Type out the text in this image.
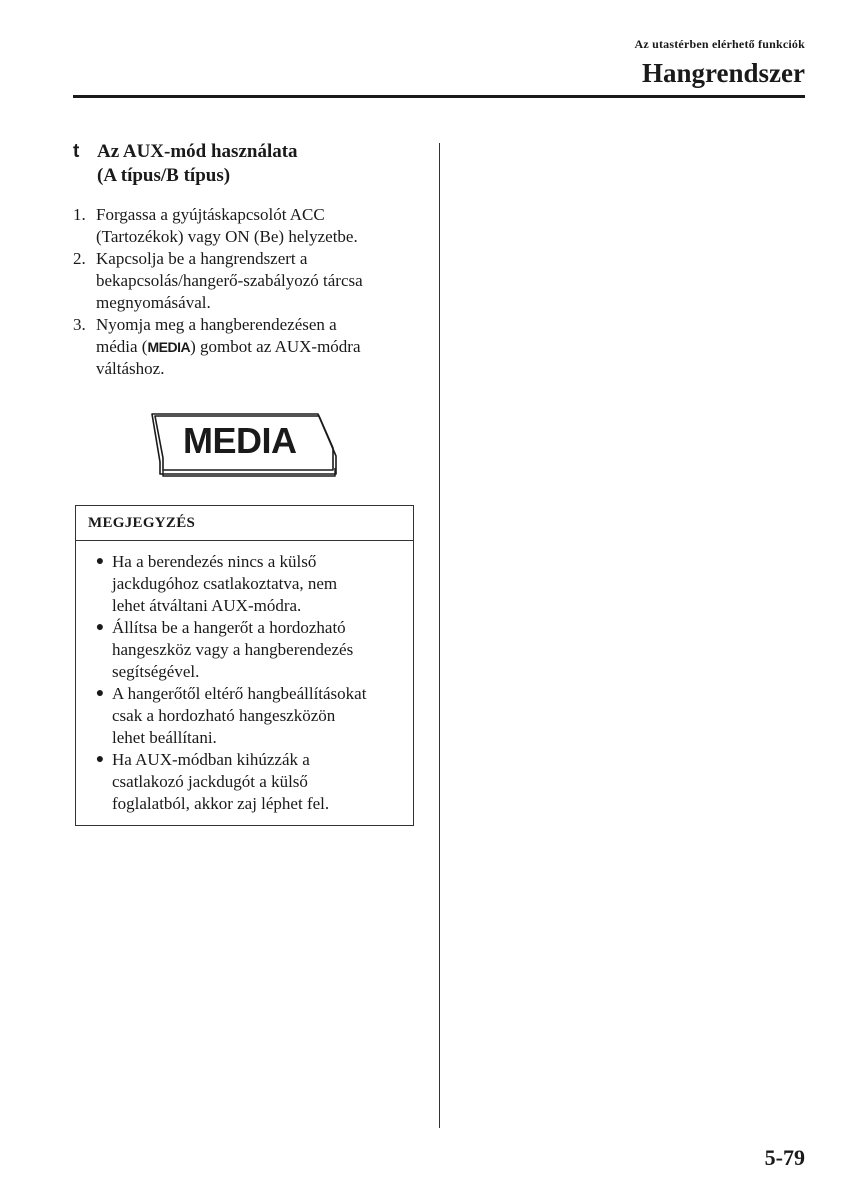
Az utastérben elérhető funkciók
Hangrendszer
t Az AUX-mód használata
(A típus/B típus)
1. Forgassa a gyújtáskapcsolót ACC
(Tartozékok) vagy ON (Be) helyzetbe.
2. Kapcsolja be a hangrendszert a
bekapcsolás/hangerő-szabályozó tárcsa
megnyomásával.
3. Nyomja meg a hangberendezésen a
média (MEDIA) gombot az AUX-módra
váltáshoz.
MEDIA
MEGJEGYZÉS
● Ha a berendezés nincs a külső
jackdugóhoz csatlakoztatva, nem
lehet átváltani AUX-módra.
● Állítsa be a hangerőt a hordozható
hangeszköz vagy a hangberendezés
segítségével.
● A hangerőtől eltérő hangbeállításokat
csak a hordozható hangeszközön
lehet beállítani.
● Ha AUX-módban kihúzzák a
csatlakozó jackdugót a külső
foglalatból, akkor zaj léphet fel.
5-79
